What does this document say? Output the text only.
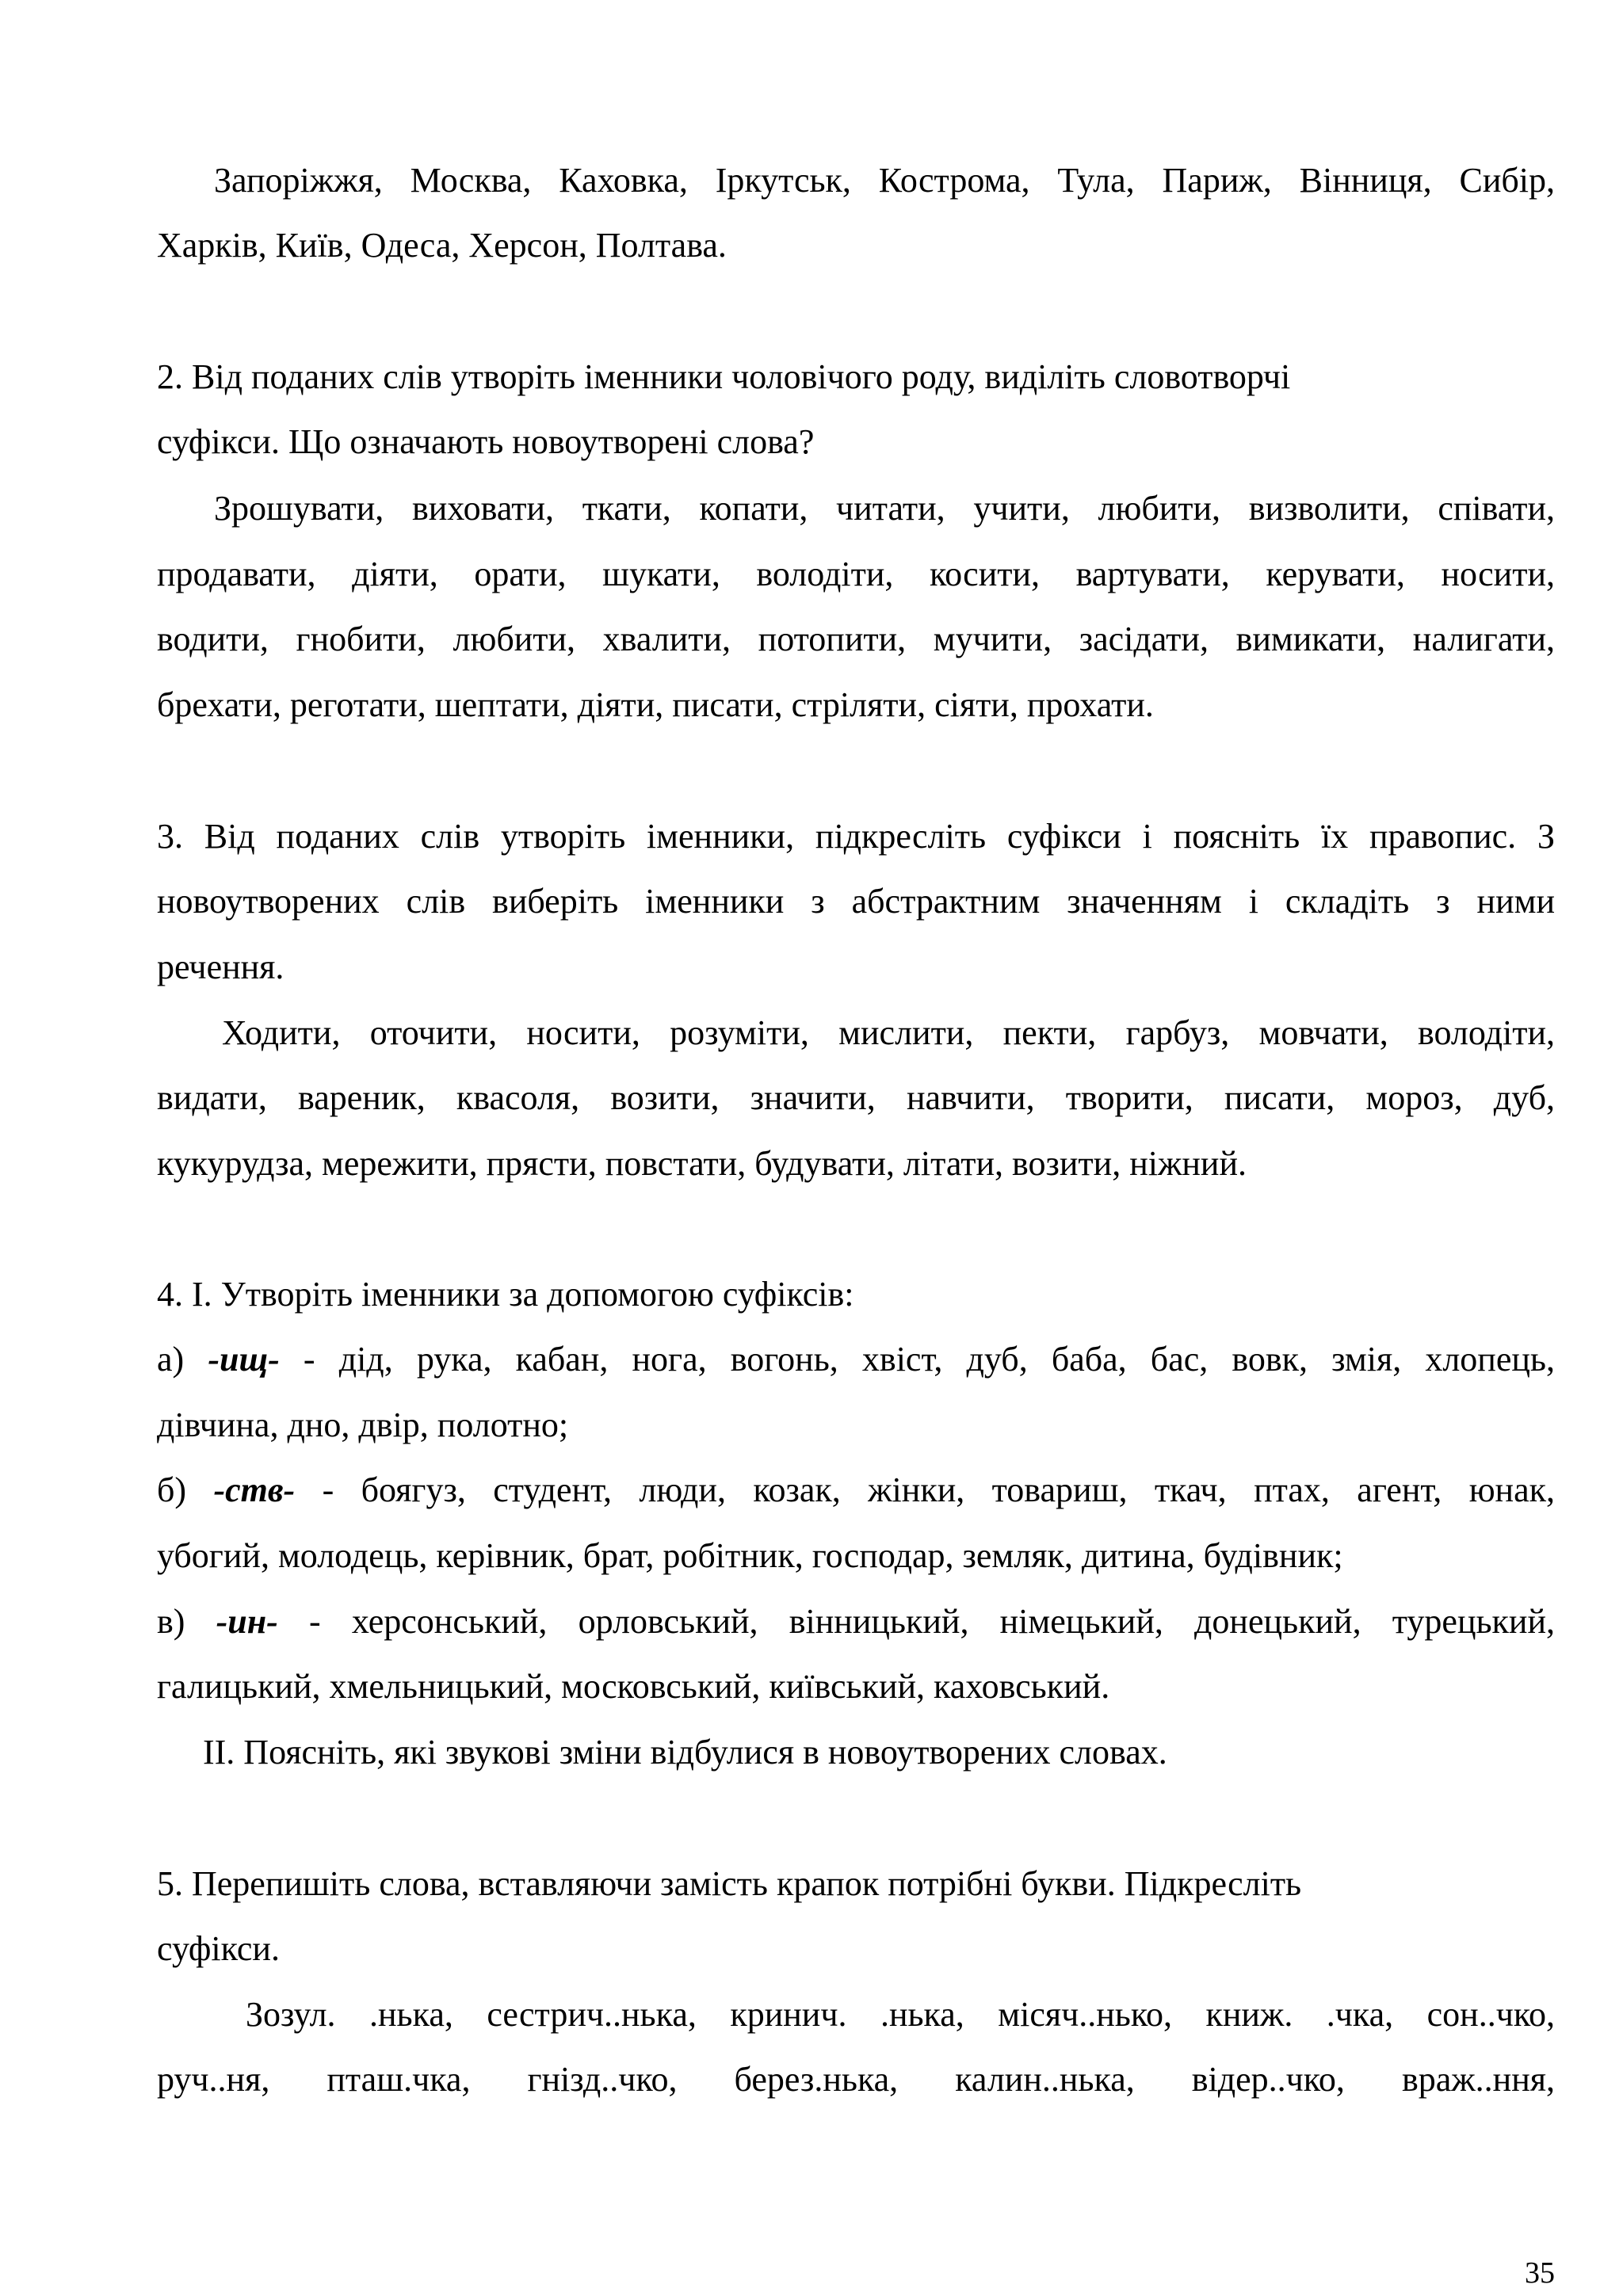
Запоріжжя, Москва, Каховка, Іркутськ, Кострома, Тула, Париж, Вінниця, Сибір,

Харків, Київ, Одеса, Херсон, Полтава.

2. Від поданих слів утворіть іменники чоловічого роду, виділіть словотворчі

суфікси. Що означають новоутворені слова?

Зрошувати, виховати, ткати, копати, читати, учити, любити, визволити, співати,

продавати, діяти, орати, шукати, володіти, косити, вартувати, керувати, носити,

водити, гнобити, любити, хвалити, потопити, мучити, засідати, вимикати, налигати,

брехати, реготати, шептати, діяти, писати, стріляти, сіяти, прохати.

3. Від поданих слів утворіть іменники, підкресліть суфікси і поясніть їх правопис. З

новоутворених слів виберіть іменники з абстрактним значенням і складіть з ними

речення.

Ходити, оточити, носити, розуміти, мислити, пекти, гарбуз, мовчати, володіти,

видати, вареник, квасоля, возити, значити, навчити, творити, писати, мороз, дуб,

кукурудза, мережити, прясти, повстати, будувати, літати, возити, ніжний.

4. І. Утворіть іменники за допомогою суфіксів:

а) -ищ- - дід, рука, кабан, нога, вогонь, хвіст, дуб, баба, бас, вовк, змія, хлопець,

дівчина, дно, двір, полотно;

б) -ств- - боягуз, студент, люди, козак, жінки, товариш, ткач, птах, агент, юнак,

убогий, молодець, керівник, брат, робітник, господар, земляк, дитина, будівник;

в) -ин- - херсонський, орловський, вінницький, німецький, донецький, турецький,

галицький, хмельницький, московський, київський, каховський.

ІІ. Поясніть, які звукові зміни відбулися в новоутворених словах.

5. Перепишіть слова, вставляючи замість крапок потрібні букви. Підкресліть

суфікси.

Зозул. .нька, сестрич..нька, кринич. .нька, місяч..нько, книж. .чка, сон..чко,

руч..ня, пташ.чка, гнізд..чко, берез.нька, калин..нька, відер..чко, враж..ння,

35
